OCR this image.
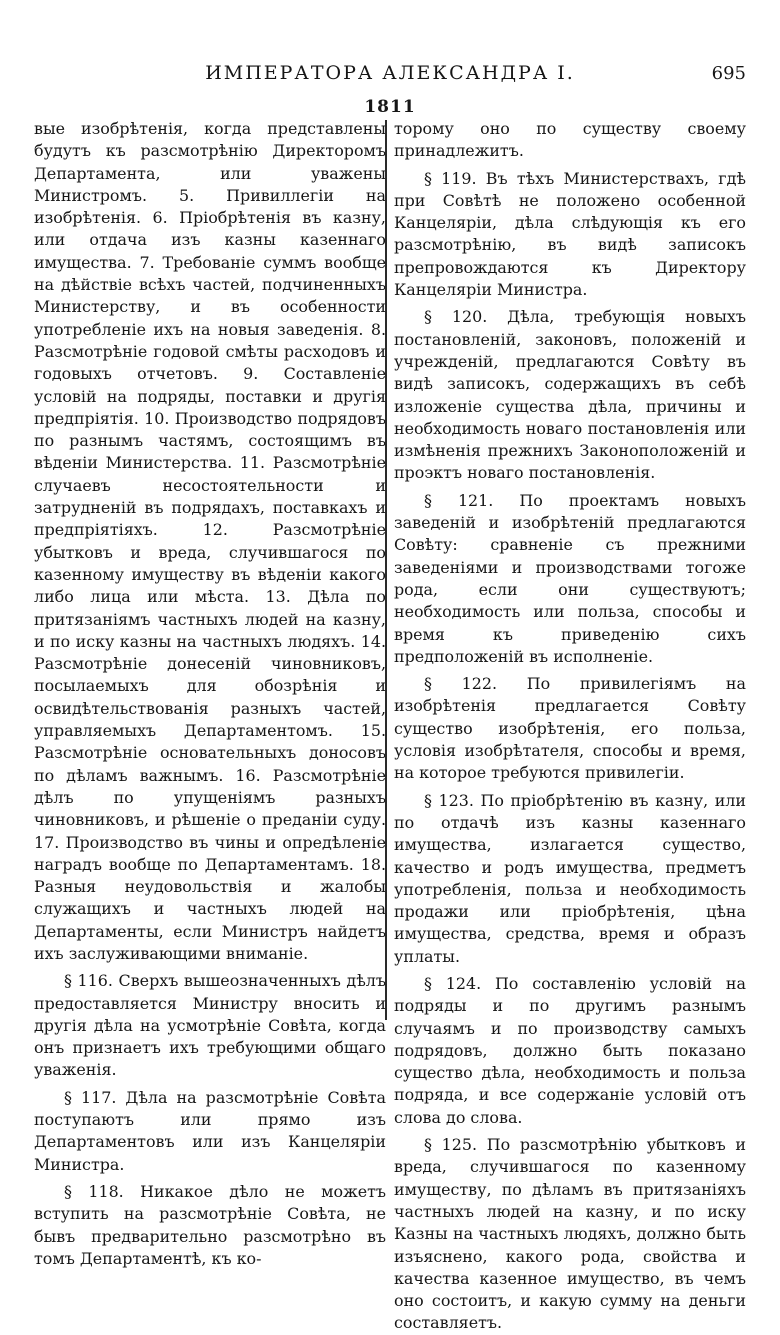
ИМПЕРАТОРА АЛЕКСАНДРА I.	695
1811

вые изобрѣтенія, когда представлены будутъ къ разсмотрѣнію Директоромъ Департамента, или уважены Министромъ. 5. Привиллегіи на изобрѣтенія. 6. Пріобрѣтенія въ казну, или отдача изъ казны казеннаго имущества. 7. Требованіе суммъ вообще на дѣйствіе всѣхъ частей, подчиненныхъ Министерству, и въ особенности употребленіе ихъ на новыя заведенія. 8. Разсмотрѣніе годовой смѣты расходовъ и годовыхъ отчетовъ. 9. Составленіе условій на подряды, поставки и другія предпріятія. 10. Производство подрядовъ по разнымъ частямъ, состоящимъ въ вѣденіи Министерства. 11. Разсмотрѣніе случаевъ несостоятельности и затрудненій въ подрядахъ, поставкахъ и предпріятіяхъ. 12. Разсмотрѣніе убытковъ и вреда, случившагося по казенному имуществу въ вѣденіи какого либо лица или мѣста. 13. Дѣла по притязаніямъ частныхъ людей на казну, и по иску казны на частныхъ людяхъ. 14. Разсмотрѣніе донесеній чиновниковъ, посылаемыхъ для обозрѣнія и освидѣтельствованія разныхъ частей, управляемыхъ Департаментомъ. 15. Разсмотрѣніе основательныхъ доносовъ по дѣламъ важнымъ. 16. Разсмотрѣніе дѣлъ по упущеніямъ разныхъ чиновниковъ, и рѣшеніе о преданіи суду. 17. Производство въ чины и опредѣленіе наградъ вообще по Департаментамъ. 18. Разныя неудовольствія и жалобы служащихъ и частныхъ людей на Департаменты, если Министръ найдетъ ихъ заслуживающими вниманіе.

§ 116. Сверхъ вышеозначенныхъ дѣлъ предоставляется Министру вносить и другія дѣла на усмотрѣніе Совѣта, когда онъ признаетъ ихъ требующими общаго уваженія.

§ 117. Дѣла на разсмотрѣніе Совѣта поступаютъ или прямо изъ Департаментовъ или изъ Канцеляріи Министра.

§ 118. Никакое дѣло не можетъ вступить на разсмотрѣніе Совѣта, не бывъ предварительно разсмотрѣно въ томъ Департаментѣ, къ ко-

торому оно по существу своему принадлежитъ.

§ 119. Въ тѣхъ Министерствахъ, гдѣ при Совѣтѣ не положено особенной Канцеляріи, дѣла слѣдующія къ его разсмотрѣнію, въ видѣ записокъ препровождаются къ Директору Канцеляріи Министра.

§ 120. Дѣла, требующія новыхъ постановленій, законовъ, положеній и учрежденій, предлагаются Совѣту въ видѣ записокъ, содержащихъ въ себѣ изложеніе существа дѣла, причины и необходимость новаго постановленія или измѣненія прежнихъ Законоположеній и проэктъ новаго постановленія.

§ 121. По проектамъ новыхъ заведеній и изобрѣтеній предлагаются Совѣту: сравненіе съ прежними заведеніями и производствами тогоже рода, если они существуютъ; необходимость или польза, способы и время къ приведенію сихъ предположеній въ исполненіе.

§ 122. По привилегіямъ на изобрѣтенія предлагается Совѣту существо изобрѣтенія, его польза, условія изобрѣтателя, способы и время, на которое требуются привилегіи.

§ 123. По пріобрѣтенію въ казну, или по отдачѣ изъ казны казеннаго имущества, излагается существо, качество и родъ имущества, предметъ употребленія, польза и необходимость продажи или пріобрѣтенія, цѣна имущества, средства, время и образъ уплаты.

§ 124. По составленію условій на подряды и по другимъ разнымъ случаямъ и по производству самыхъ подрядовъ, должно быть показано существо дѣла, необходимость и польза подряда, и все содержаніе условій отъ слова до слова.

§ 125. По разсмотрѣнію убытковъ и вреда, случившагося по казенному имуществу, по дѣламъ въ притязаніяхъ частныхъ людей на казну, и по иску Казны на частныхъ людяхъ, должно быть изъяснено, какого рода, свойства и качества казенное имущество, въ чемъ оно состоитъ, и какую сумму на деньги составляетъ.
